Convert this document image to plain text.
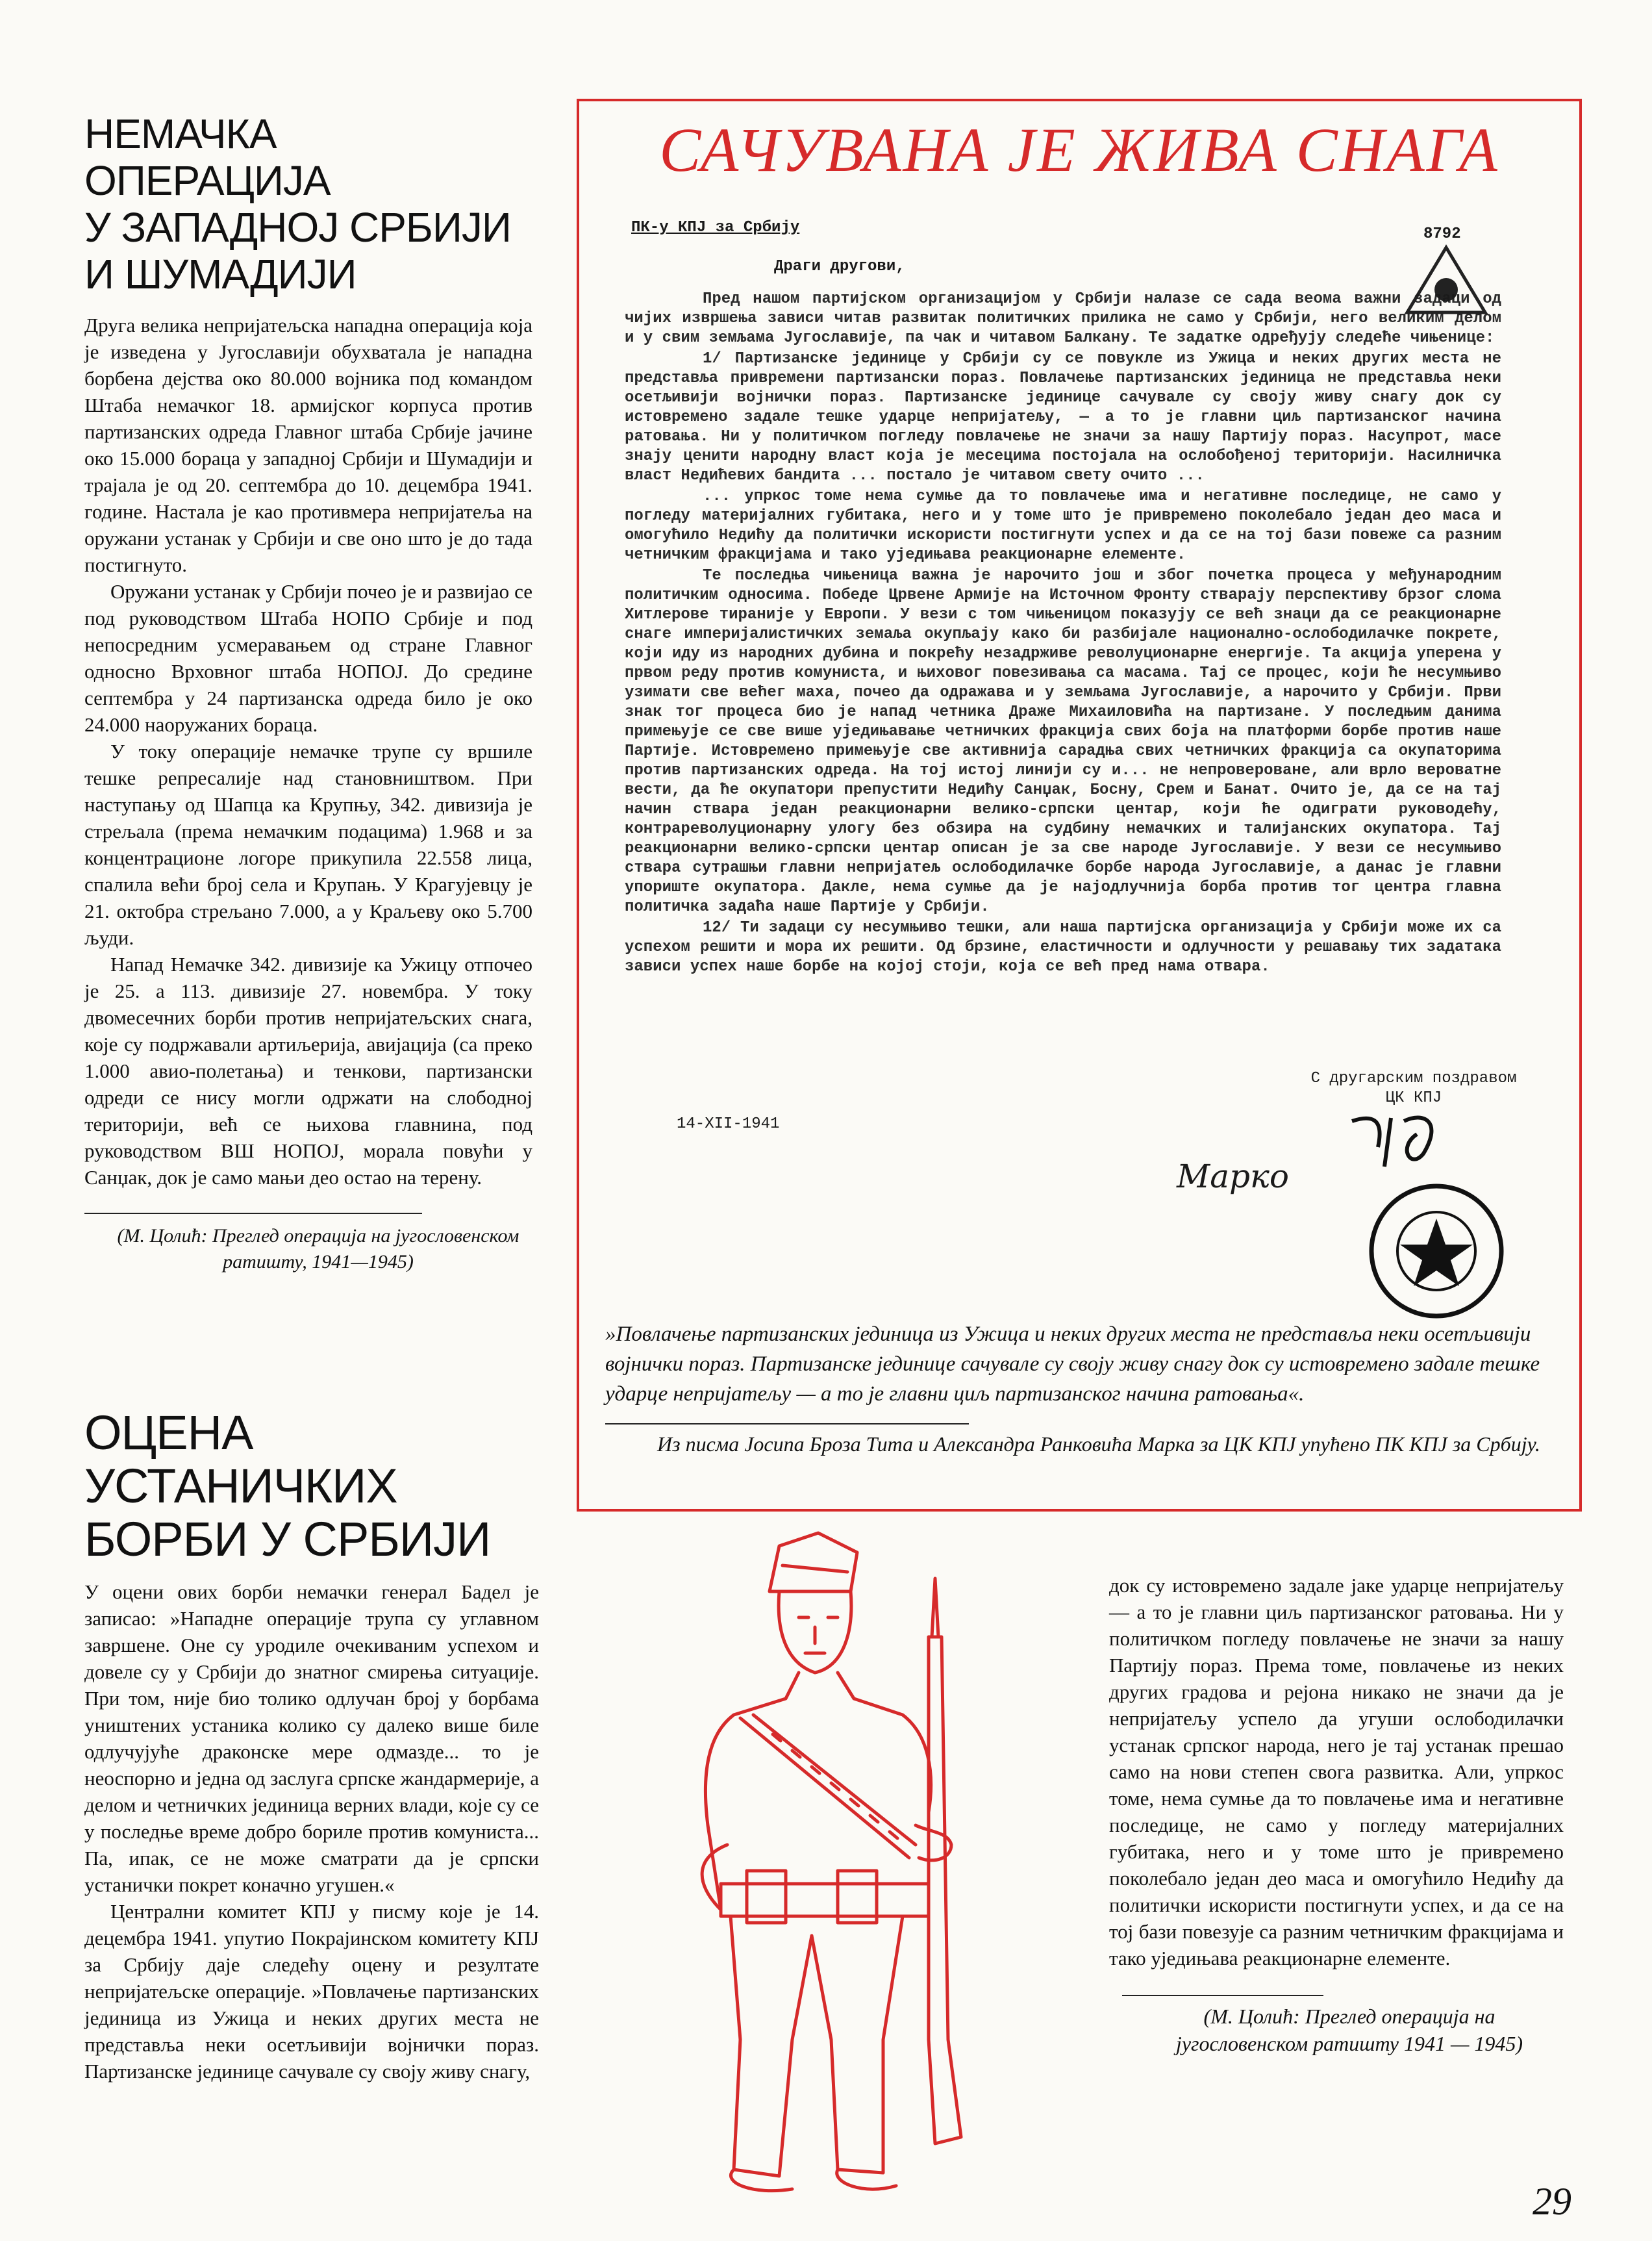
НЕМАЧКА ОПЕРАЦИЈА
У ЗАПАДНОЈ СРБИЈИ
И ШУМАДИЈИ

Друга велика непријатељска нападна операција која је изведена у Југославији обухватала је нападна борбена дејства око 80.000 војника под командом Штаба немачког 18. армијског корпуса против партизанских одреда Главног штаба Србије јачине око 15.000 бораца у западној Србији и Шумадији и трајала је од 20. септембра до 10. децембра 1941. године. Настала је као противмера непријатеља на оружани устанак у Србији и све оно што је до тада постигнуто.

Оружани устанак у Србији почео је и развијао се под руководством Штаба НОПО Србије и под непосредним усмеравањем од стране Главног односно Врховног штаба НОПОЈ. До средине септембра у 24 партизанска одреда било је око 24.000 наоружаних бораца.

У току операције немачке трупе су вршиле тешке репресалије над становништвом. При наступању од Шапца ка Крупњу, 342. дивизија је стрељала (према немачким подацима) 1.968 и за концентрационе логоре прикупила 22.558 лица, спалила већи број села и Крупањ. У Крагујевцу је 21. октобра стрељано 7.000, а у Краљеву око 5.700 људи.

Напад Немачке 342. дивизије ка Ужицу отпочео је 25. а 113. дивизије 27. новембра. У току двомесечних борби против непријатељских снага, које су подржавали артиљерија, авијација (са преко 1.000 авио-полетања) и тенкови, партизански одреди се нису могли одржати на слободној територији, већ се њихова главнина, под руководством ВШ НОПОЈ, морала повући у Санџак, док је само мањи део остао на терену.

(М. Цолић: Преглед операција на југословенском ратишту, 1941—1945)
САЧУВАНА ЈЕ ЖИВА СНАГА
ПК-у КПЈ за Србију	8792
Драги другови,

Пред нашом партијском организацијом у Србији налазе се сада веома важни задаци од чијих извршења зависи читав развитак политичких прилика не само у Србији, него великим делом и у свим земљама Југославије, па чак и читавом Балкану. Те задатке одређују следеће чињенице:

1/ Партизанске јединице у Србији су се повукле из Ужица и неких других места не представља привремени партизански пораз. Повлачење партизанских јединица не представља неки осетљивији војнички пораз. Партизанске јединице сачувале су своју живу снагу док су истовремено задале тешке ударце непријатељу, — а то је главни циљ партизанског начина ратовања. Ни у политичком погледу повлачење не значи за нашу Партију пораз. Насупрот, масе знају ценити народну власт која је месецима постојала на ослобођеној територији. Насилничка власт Недићевих бандита ... постало је читавом свету очито ...

... упркос томе нема сумње да то повлачење има и негативне последице, не само у погледу материјалних губитака, него и у томе што је привремено поколебало један део маса и омогућило Недићу да политички искористи постигнути успех и да се на тој бази повеже са разним четничким фракцијама и тако уједињава реакционарне елементе.

Те последња чињеница важна је нарочито још и због почетка процеса у међународним политичким односима. Победе Црвене Армије на Источном Фронту стварају перспективу брзог слома Хитлерове тираније у Европи. У вези с том чињеницом показују се већ знаци да се реакционарне снаге империјалистичких земаља окупљају како би разбијале национално-ослободилачке покрете, који иду из народних дубина и покрећу незадрживе револуционарне енергије. Та акција уперена у првом реду против комуниста, и њиховог повезивања са масама. Тај се процес, који ће несумњиво узимати све већег маха, почео да одражава и у земљама Југославије, а нарочито у Србији. Први знак тог процеса био је напад четника Драже Михаиловића на партизане. У последњим данима примењује се све више уједињавање четничких фракција свих боја на платформи борбе против наше Партије. Истовремено примењује све активнија сарадња свих четничких фракција са окупаторима против партизанских одреда. На тој истој линији су и... не непровероване, али врло вероватне вести, да ће окупатори препустити Недићу Санџак, Босну, Срем и Банат. Очито је, да се на тај начин ствара један реакционарни велико-српски центар, који ће одиграти руководећу, контрареволуционарну улогу без обзира на судбину немачких и талијанских окупатора. Тај реакционарни велико-српски центар описан је за све народе Југославије. У вези се несумњиво ствара сутрашњи главни непријатељ ослободилачке борбе народа Југославије, а данас је главни упориште окупатора. Дакле, нема сумње да је најодлучнија борба против тог центра главна политичка задаћа наше Партије у Србији.

12/ Ти задаци су несумњиво тешки, али наша партијска организација у Србији може их са успехом решити и мора их решити. Од брзине, еластичности и одлучности у решавању тих задатака зависи успех наше борбе на којој стоји, која се већ пред нама отвара.

С другарским поздравом ЦК КПЈ
14-XII-1941
Марко
»Повлачење партизанских јединица из Ужица и неких других места не представља неки осетљивији војнички пораз. Партизанске јединице сачувале су своју живу снагу док су истовремено задале тешке ударце непријатељу — а то је главни циљ партизанског начина ратовања«.
Из писма Јосипа Броза Тита и Александра Ранковића Марка за ЦК КПЈ упућено ПК КПЈ за Србију.
ОЦЕНА
УСТАНИЧКИХ
БОРБИ У СРБИЈИ

У оцени ових борби немачки генерал Бадел је записао: »Нападне операције трупа су углавном завршене. Оне су уродиле очекиваним успехом и довеле су у Србији до знатног смирења ситуације. При том, није био толико одлучан број у борбама уништених устаника колико су далеко више биле одлучујуће драконске мере одмазде... то је неоспорно и једна од заслуга српске жандармерије, а делом и четничких јединица верних влади, које су се у последње време добро бориле против комуниста... Па, ипак, се не може сматрати да је српски устанички покрет коначно угушен.«

Централни комитет КПЈ у писму које је 14. децембра 1941. упутио Покрајинском комитету КПЈ за Србију даје следећу оцену и резултате непријатељске операције. »Повлачење партизанских јединица из Ужица и неких других места не представља неки осетљивији војнички пораз. Партизанске јединице сачувале су своју живу снагу,

док су истовремено задале јаке ударце непријатељу — а то је главни циљ партизанског ратовања. Ни у политичком погледу повлачење не значи за нашу Партију пораз. Према томе, повлачење из неких других градова и рејона никако не значи да је непријатељу успело да угуши ослободилачки устанак српског народа, него је тај устанак прешао само на нови степен свога развитка. Али, упркос томе, нема сумње да то повлачење има и негативне последице, не само у погледу материјалних губитака, него и у томе што је привремено поколебало један део маса и омогућило Недићу да политички искористи постигнути успех, и да се на тој бази повезује са разним четничким фракцијама и тако уједињава реакционарне елементе.

(М. Цолић: Преглед операција на југословенском ратишту 1941 — 1945)
29
